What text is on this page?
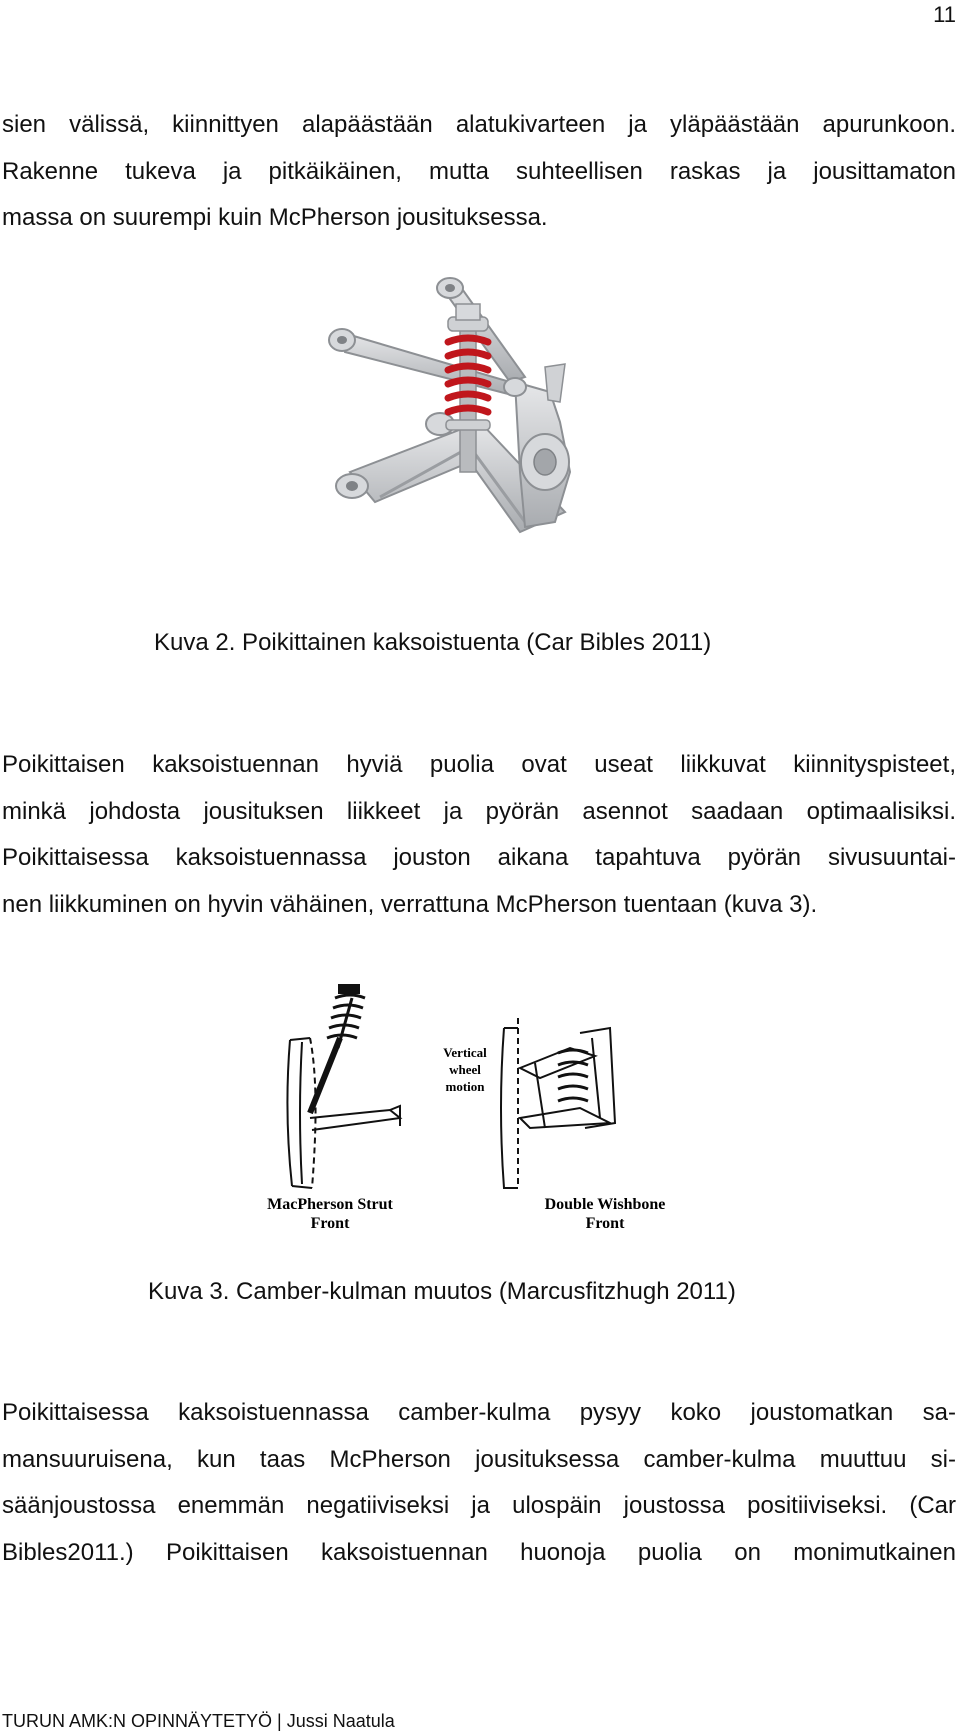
11

sien välissä, kiinnittyen alapäästään alatukivarteen ja yläpäästään apurunkoon.
Rakenne tukeva ja pitkäikäinen, mutta suhteellisen raskas ja jousittamaton
massa on suurempi kuin McPherson jousituksessa.

Kuva 2. Poikittainen kaksoistuenta (Car Bibles 2011)

Poikittaisen kaksoistuennan hyviä puolia ovat useat liikkuvat kiinnityspisteet,
minkä johdosta jousituksen liikkeet ja pyörän asennot saadaan optimaalisiksi.
Poikittaisessa kaksoistuennassa jouston aikana tapahtuva pyörän sivusuuntai-
nen liikkuminen on hyvin vähäinen, verrattuna McPherson tuentaan (kuva 3).

Vertical
wheel
motion
MacPherson Strut
Front
Double Wishbone
Front

Kuva 3. Camber-kulman muutos (Marcusfitzhugh 2011)

Poikittaisessa kaksoistuennassa camber-kulma pysyy koko joustomatkan sa-
mansuuruisena, kun taas McPherson jousituksessa camber-kulma muuttuu si-
säänjoustossa enemmän negatiiviseksi ja ulospäin joustossa positiiviseksi. (Car
Bibles2011.) Poikittaisen kaksoistuennan huonoja puolia on monimutkainen

TURUN AMK:N OPINNÄYTETYÖ | Jussi Naatula
